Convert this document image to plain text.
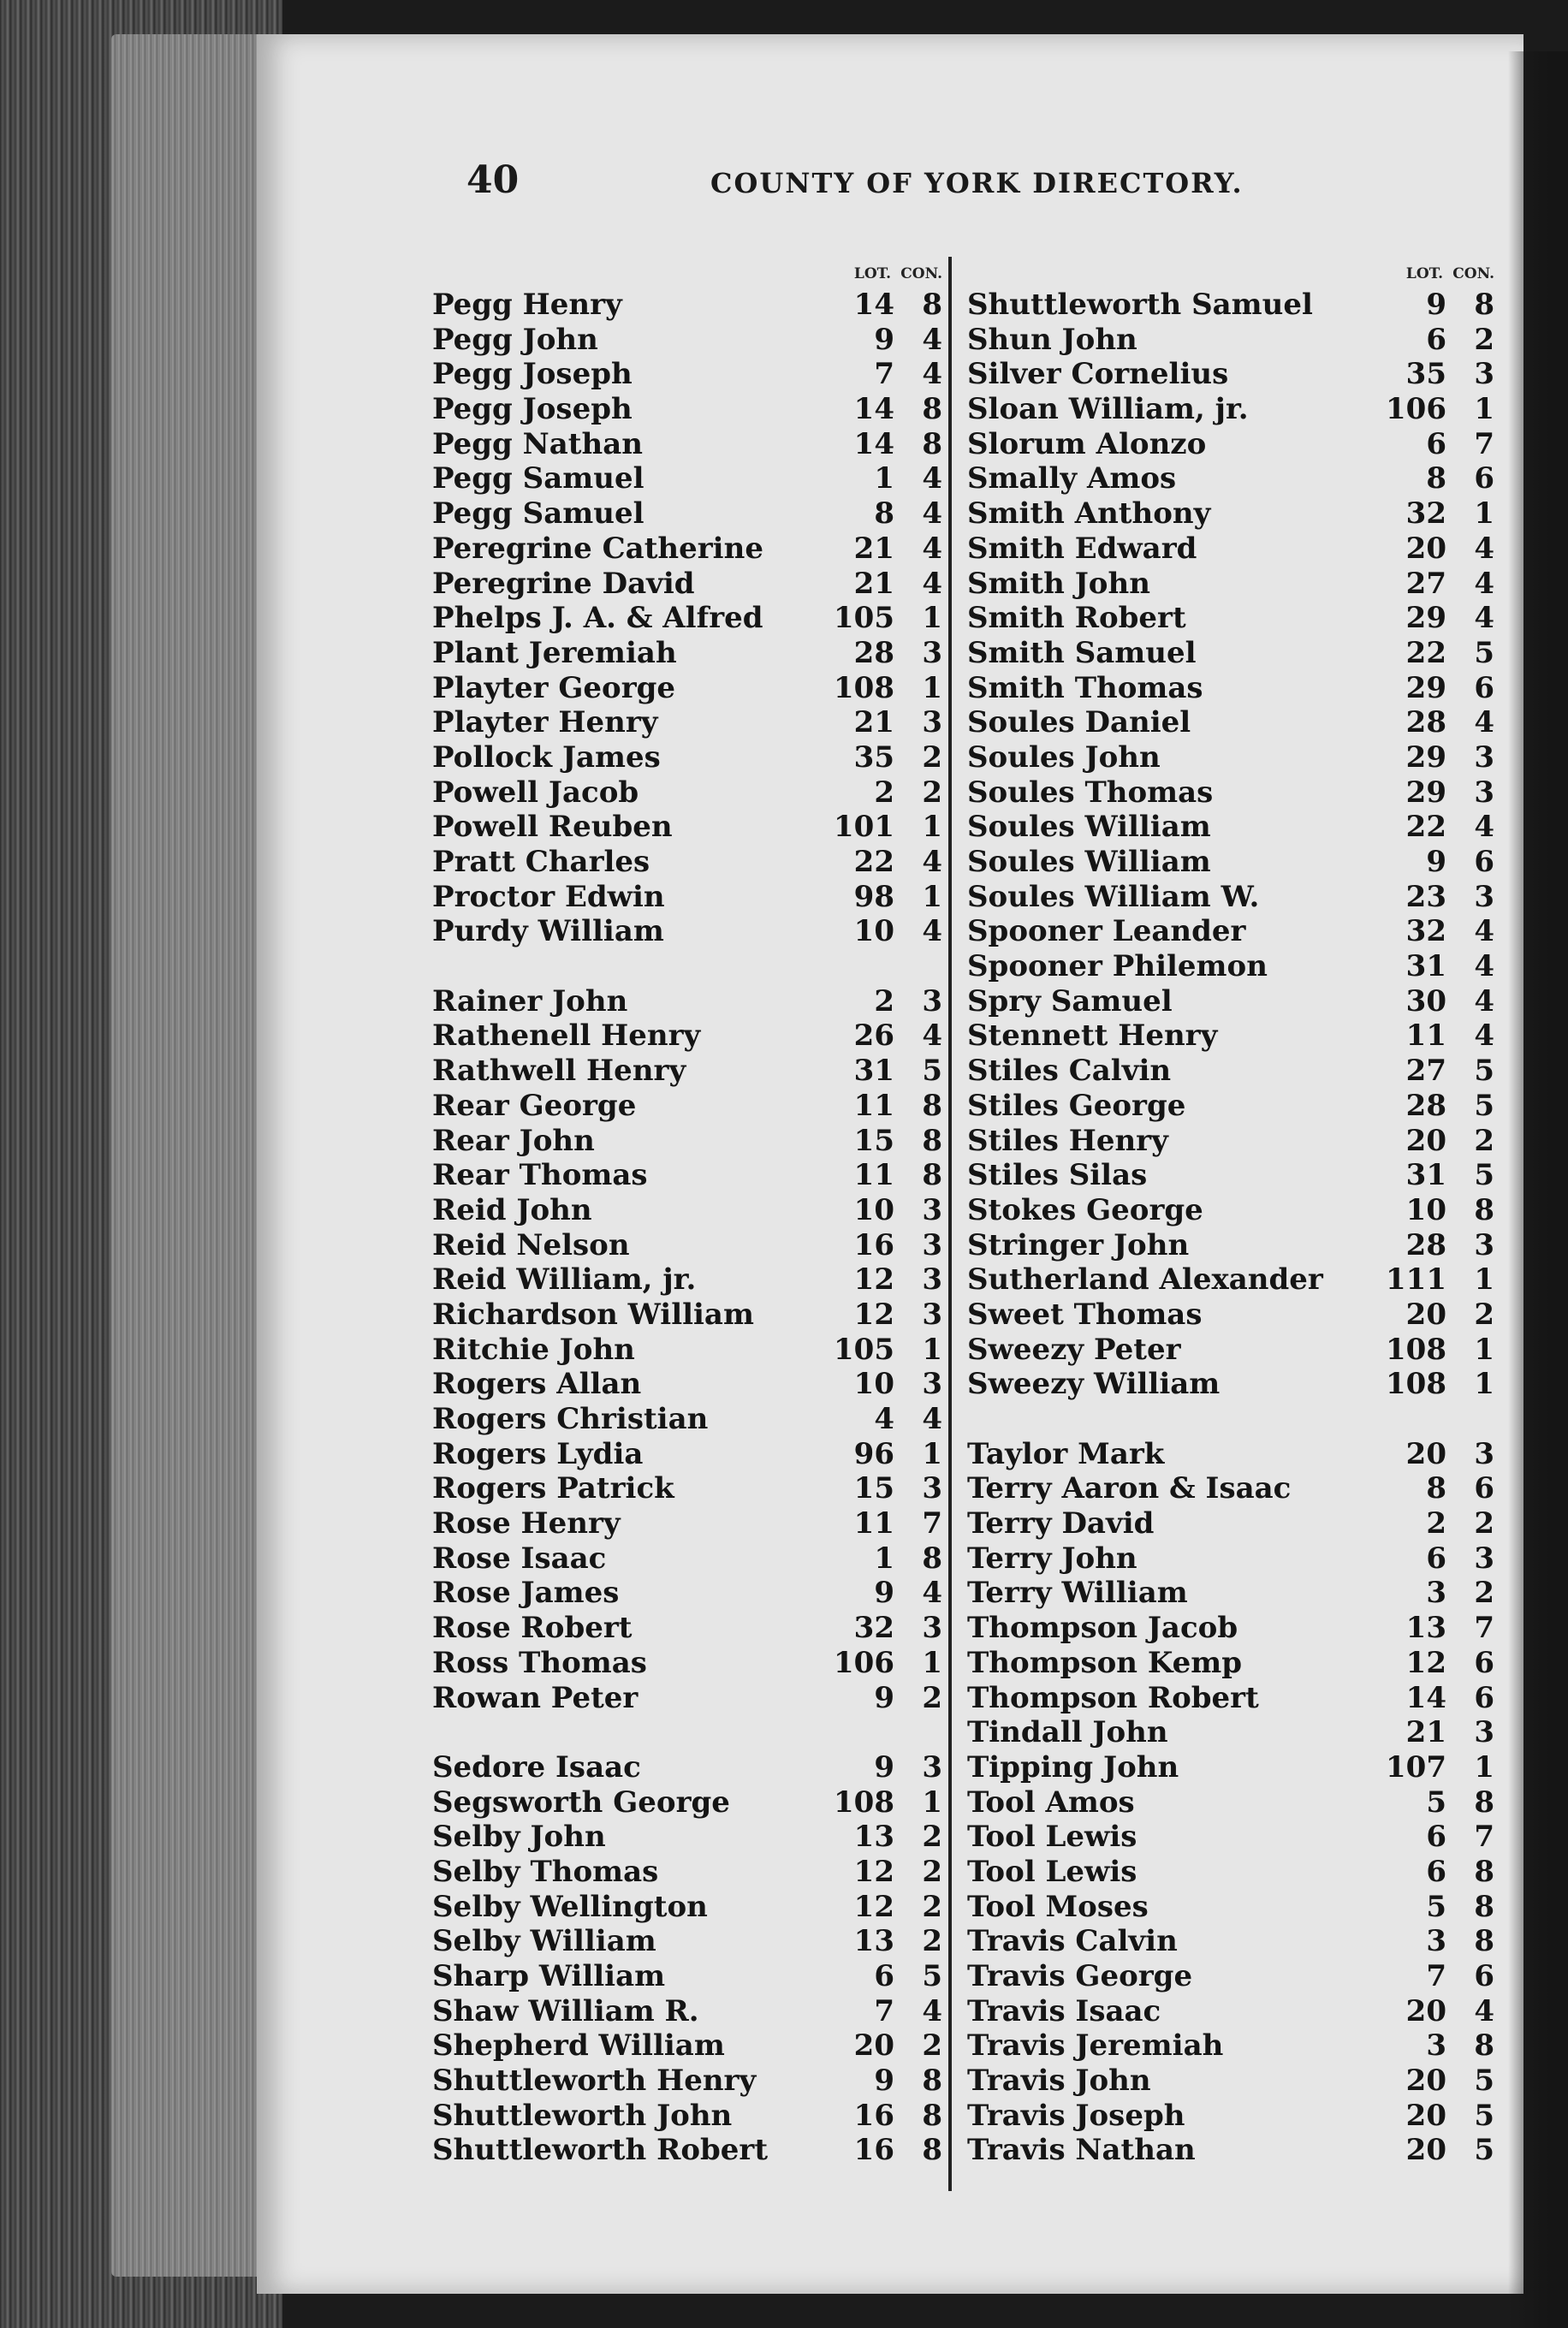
40	COUNTY OF YORK DIRECTORY.
LOT. CON.
Pegg Henry	14 8
Pegg John	9 4
Pegg Joseph	7 4
Pegg Joseph	14 8
Pegg Nathan	14 8
Pegg Samuel	1 4
Pegg Samuel	8 4
Peregrine Catherine	21 4
Peregrine David	21 4
Phelps J. A. & Alfred 105 1
Plant Jeremiah	28 3
Playter George	108 1
Playter Henry	21 3
Pollock James	35 2
Powell Jacob	2 2
Powell Reuben	101 1
Pratt Charles	22 4
Proctor Edwin	98 1
Purdy William	10 4
Rainer John	2 3
Rathenell Henry	26 4
Rathwell Henry	31 5
Rear George	11 8
Rear John	15 8
Rear Thomas	11 8
Reid John	10 3
Reid Nelson	16 3
Reid William, jr.	12 3
Richardson William	12 3
Ritchie John	105 1
Rogers Allan	10 3
Rogers Christian	4 4
Rogers Lydia	96 1
Rogers Patrick	15 3
Rose Henry	11 7
Rose Isaac	1 8
Rose James	9 4
Rose Robert	32 3
Ross Thomas	106 1
Rowan Peter	9 2
Sedore Isaac	9 3
Segsworth George	108 1
Selby John	13 2
Selby Thomas	12 2
Selby Wellington	12 2
Selby William	13 2
Sharp William	6 5
Shaw William R.	7 4
Shepherd William	20 2
Shuttleworth Henry	9 8
Shuttleworth John	16 8
Shuttleworth Robert	16 8
LOT. CON.
Shuttleworth Samuel	9 8
Shun John	6 2
Silver Cornelius	35 3
Sloan William, jr.	106 1
Slorum Alonzo	6 7
Smally Amos	8 6
Smith Anthony	32 1
Smith Edward	20 4
Smith John	27 4
Smith Robert	29 4
Smith Samuel	22 5
Smith Thomas	29 6
Soules Daniel	28 4
Soules John	29 3
Soules Thomas	29 3
Soules William	22 4
Soules William	9 6
Soules William W.	23 3
Spooner Leander	32 4
Spooner Philemon	31 4
Spry Samuel	30 4
Stennett Henry	11 4
Stiles Calvin	27 5
Stiles George	28 5
Stiles Henry	20 2
Stiles Silas	31 5
Stokes George	10 8
Stringer John	28 3
Sutherland Alexander 111 1
Sweet Thomas	20 2
Sweezy Peter	108 1
Sweezy William	108 1
Taylor Mark	20 3
Terry Aaron & Isaac	8 6
Terry David	2 2
Terry John	6 3
Terry William	3 2
Thompson Jacob	13 7
Thompson Kemp	12 6
Thompson Robert	14 6
Tindall John	21 3
Tipping John	107 1
Tool Amos	5 8
Tool Lewis	6 7
Tool Lewis	6 8
Tool Moses	5 8
Travis Calvin	3 8
Travis George	7 6
Travis Isaac	20 4
Travis Jeremiah	3 8
Travis John	20 5
Travis Joseph	20 5
Travis Nathan	20 5
